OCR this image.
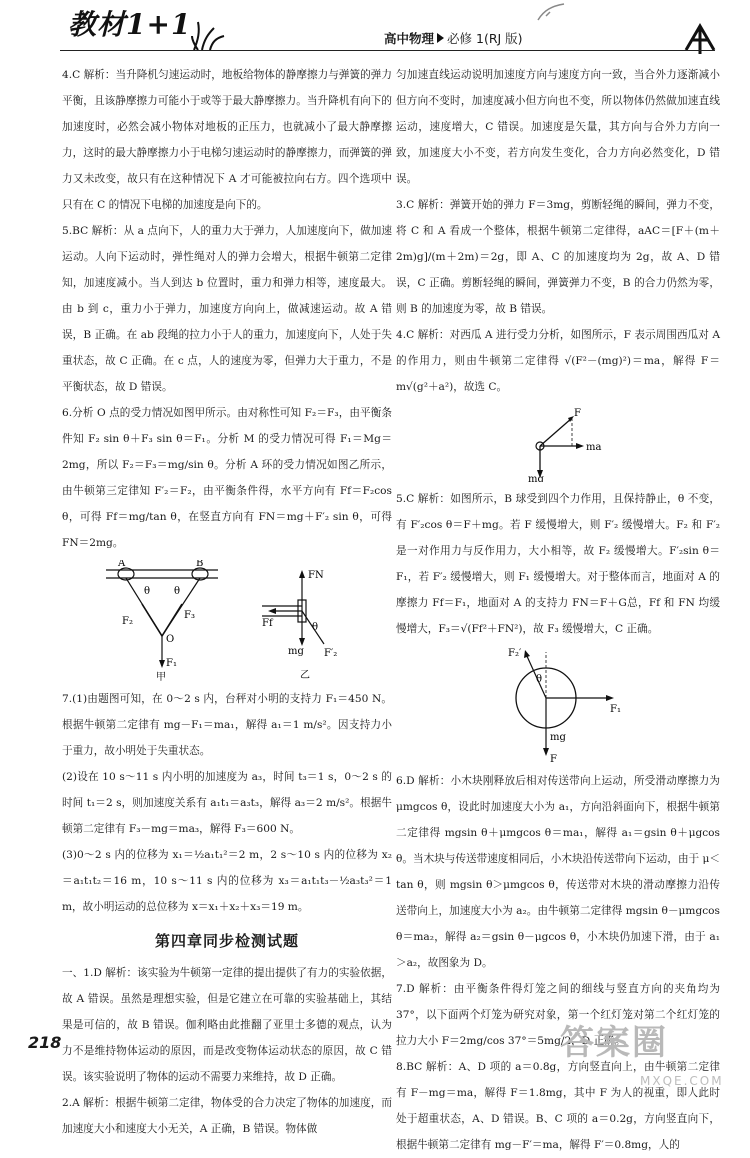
教材1+1	高中物理 必修 1(RJ 版)

4.C 解析：当升降机匀速运动时，地板给物体的静摩擦力与弹簧的弹力平衡，且该静摩擦力可能小于或等于最大静摩擦力。当升降机有向下的加速度时，必然会减小物体对地板的正压力，也就减小了最大静摩擦力，这时的最大静摩擦力小于电梯匀速运动时的静摩擦力，而弹簧的弹力又未改变，故只有在这种情况下 A 才可能被拉向右方。四个选项中只有在 C 的情况下电梯的加速度是向下的。

5.BC 解析：从 a 点向下，人的重力大于弹力，人加速度向下，做加速运动。人向下运动时，弹性绳对人的弹力会增大，根据牛顿第二定律知，加速度减小。当人到达 b 位置时，重力和弹力相等，速度最大。由 b 到 c，重力小于弹力，加速度方向向上，做减速运动。故 A 错误，B 正确。在 ab 段绳的拉力小于人的重力，加速度向下，人处于失重状态，故 C 正确。在 c 点，人的速度为零，但弹力大于重力，不是平衡状态，故 D 错误。

6.分析 O 点的受力情况如图甲所示。由对称性可知 F₂＝F₃，由平衡条件知 F₂ sin θ＋F₃ sin θ＝F₁。分析 M 的受力情况可得 F₁＝Mg＝2mg，所以 F₂＝F₃＝mg/sin θ。分析 A 环的受力情况如图乙所示，由牛顿第三定律知 F′₂＝F₂，由平衡条件得，水平方向有 Ff＝F₂cos θ，可得 Ff＝mg/tan θ，在竖直方向有 FN＝mg＋F′₂ sin θ，可得 FN＝2mg。

A	B
θ θ
F₂
F₃
O
F₁
甲
FN
Ff
mg
θ
F′₂
乙

7.(1)由题图可知，在 0～2 s 内，台秤对小明的支持力 F₁＝450 N。根据牛顿第二定律有 mg－F₁＝ma₁，解得 a₁＝1 m/s²。因支持力小于重力，故小明处于失重状态。

(2)设在 10 s～11 s 内小明的加速度为 a₃，时间 t₃＝1 s，0～2 s 的时间 t₁＝2 s，则加速度关系有 a₁t₁＝a₃t₃，解得 a₃＝2 m/s²。根据牛顿第二定律有 F₃－mg＝ma₃，解得 F₃＝600 N。

(3)0～2 s 内的位移为 x₁＝½a₁t₁²＝2 m，2 s～10 s 内的位移为 x₂＝a₁t₁t₂＝16 m，10 s～11 s 内的位移为 x₃＝a₁t₁t₃－½a₃t₃²＝1 m，故小明运动的总位移为 x＝x₁＋x₂＋x₃＝19 m。

第四章同步检测试题

一、1.D 解析：该实验为牛顿第一定律的提出提供了有力的实验依据，故 A 错误。虽然是理想实验，但是它建立在可靠的实验基础上，其结果是可信的，故 B 错误。伽利略由此推翻了亚里士多德的观点，认为力不是维持物体运动的原因，而是改变物体运动状态的原因，故 C 错误。该实验说明了物体的运动不需要力来维持，故 D 正确。

2.A 解析：根据牛顿第二定律，物体受的合力决定了物体的加速度，而加速度大小和速度大小无关，A 正确，B 错误。物体做

匀加速直线运动说明加速度方向与速度方向一致，当合外力逐渐减小但方向不变时，加速度减小但方向也不变，所以物体仍然做加速直线运动，速度增大，C 错误。加速度是矢量，其方向与合外力方向一致，加速度大小不变，若方向发生变化，合力方向必然变化，D 错误。

3.C 解析：弹簧开始的弹力 F＝3mg，剪断轻绳的瞬间，弹力不变，将 C 和 A 看成一个整体，根据牛顿第二定律得，aAC＝[F＋(m＋2m)g]/(m＋2m)＝2g，即 A、C 的加速度均为 2g，故 A、D 错误，C 正确。剪断轻绳的瞬间，弹簧弹力不变，B 的合力仍然为零，则 B 的加速度为零，故 B 错误。

4.C 解析：对西瓜 A 进行受力分析，如图所示，F 表示周围西瓜对 A 的作用力，则由牛顿第二定律得 √(F²－(mg)²)＝ma，解得 F＝m√(g²＋a²)，故选 C。

F
ma
mg

5.C 解析：如图所示，B 球受到四个力作用，且保持静止，θ 不变，有 F′₂cos θ＝F＋mg。若 F 缓慢增大，则 F′₂ 缓慢增大。F₂ 和 F′₂ 是一对作用力与反作用力，大小相等，故 F₂ 缓慢增大。F′₂sin θ＝F₁，若 F′₂ 缓慢增大，则 F₁ 缓慢增大。对于整体而言，地面对 A 的摩擦力 Ff＝F₁，地面对 A 的支持力 FN＝F＋G总，Ff 和 FN 均缓慢增大，F₃＝√(Ff²＋FN²)，故 F₃ 缓慢增大，C 正确。

F₂′
θ
F₁
mg
F

6.D 解析：小木块刚释放后相对传送带向上运动，所受滑动摩擦力为 μmgcos θ，设此时加速度大小为 a₁，方向沿斜面向下，根据牛顿第二定律得 mgsin θ＋μmgcos θ＝ma₁，解得 a₁＝gsin θ＋μgcos θ。当木块与传送带速度相同后，小木块沿传送带向下运动，由于 μ＜tan θ，则 mgsin θ＞μmgcos θ，传送带对木块的滑动摩擦力沿传送带向上，加速度大小为 a₂。由牛顿第二定律得 mgsin θ－μmgcos θ＝ma₂，解得 a₂＝gsin θ－μgcos θ，小木块仍加速下滑，由于 a₁＞a₂，故图象为 D。

7.D 解析：由平衡条件得灯笼之间的细线与竖直方向的夹角均为 37°，以下面两个灯笼为研究对象，第一个红灯笼对第二个红灯笼的拉力大小 F＝2mg/cos 37°＝5mg/2，D 正确。

8.BC 解析：A、D 项的 a＝0.8g，方向竖直向上，由牛顿第二定律有 F－mg＝ma，解得 F＝1.8mg，其中 F 为人的视重，即人此时处于超重状态，A、D 错误。B、C 项的 a＝0.2g，方向竖直向下，根据牛顿第二定律有 mg－F′＝ma，解得 F′＝0.8mg，人的

218	答案圈
MXQE.COM
